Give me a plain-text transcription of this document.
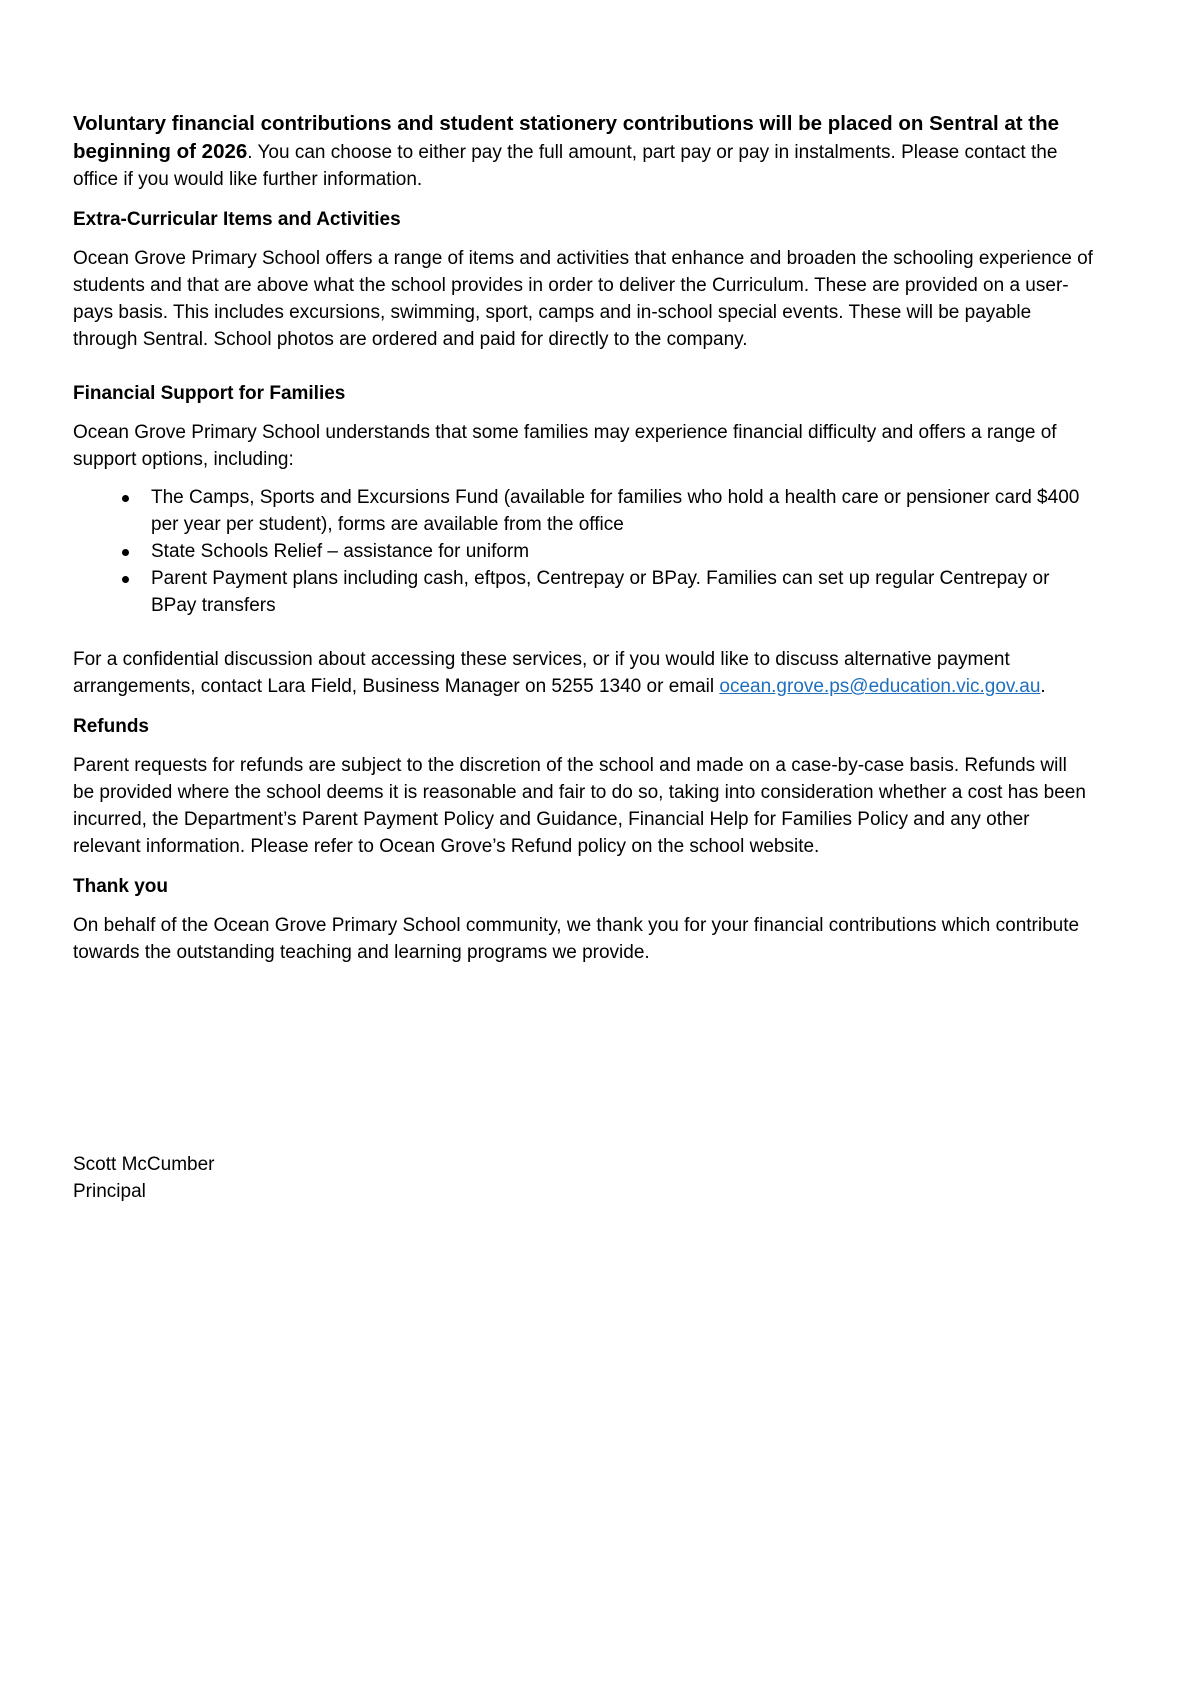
Voluntary financial contributions and student stationery contributions will be placed on Sentral at the beginning of 2026. You can choose to either pay the full amount, part pay or pay in instalments. Please contact the office if you would like further information.

Extra-Curricular Items and Activities

Ocean Grove Primary School offers a range of items and activities that enhance and broaden the schooling experience of students and that are above what the school provides in order to deliver the Curriculum. These are provided on a user-pays basis. This includes excursions, swimming, sport, camps and in-school special events. These will be payable through Sentral. School photos are ordered and paid for directly to the company.

Financial Support for Families

Ocean Grove Primary School understands that some families may experience financial difficulty and offers a range of support options, including:

The Camps, Sports and Excursions Fund (available for families who hold a health care or pensioner card $400 per year per student), forms are available from the office
State Schools Relief – assistance for uniform
Parent Payment plans including cash, eftpos, Centrepay or BPay. Families can set up regular Centrepay or BPay transfers

For a confidential discussion about accessing these services, or if you would like to discuss alternative payment arrangements, contact Lara Field, Business Manager on 5255 1340 or email ocean.grove.ps@education.vic.gov.au.

Refunds

Parent requests for refunds are subject to the discretion of the school and made on a case-by-case basis. Refunds will be provided where the school deems it is reasonable and fair to do so, taking into consideration whether a cost has been incurred, the Department’s Parent Payment Policy and Guidance, Financial Help for Families Policy and any other relevant information. Please refer to Ocean Grove’s Refund policy on the school website.

Thank you

On behalf of the Ocean Grove Primary School community, we thank you for your financial contributions which contribute towards the outstanding teaching and learning programs we provide.

Scott McCumber
Principal
